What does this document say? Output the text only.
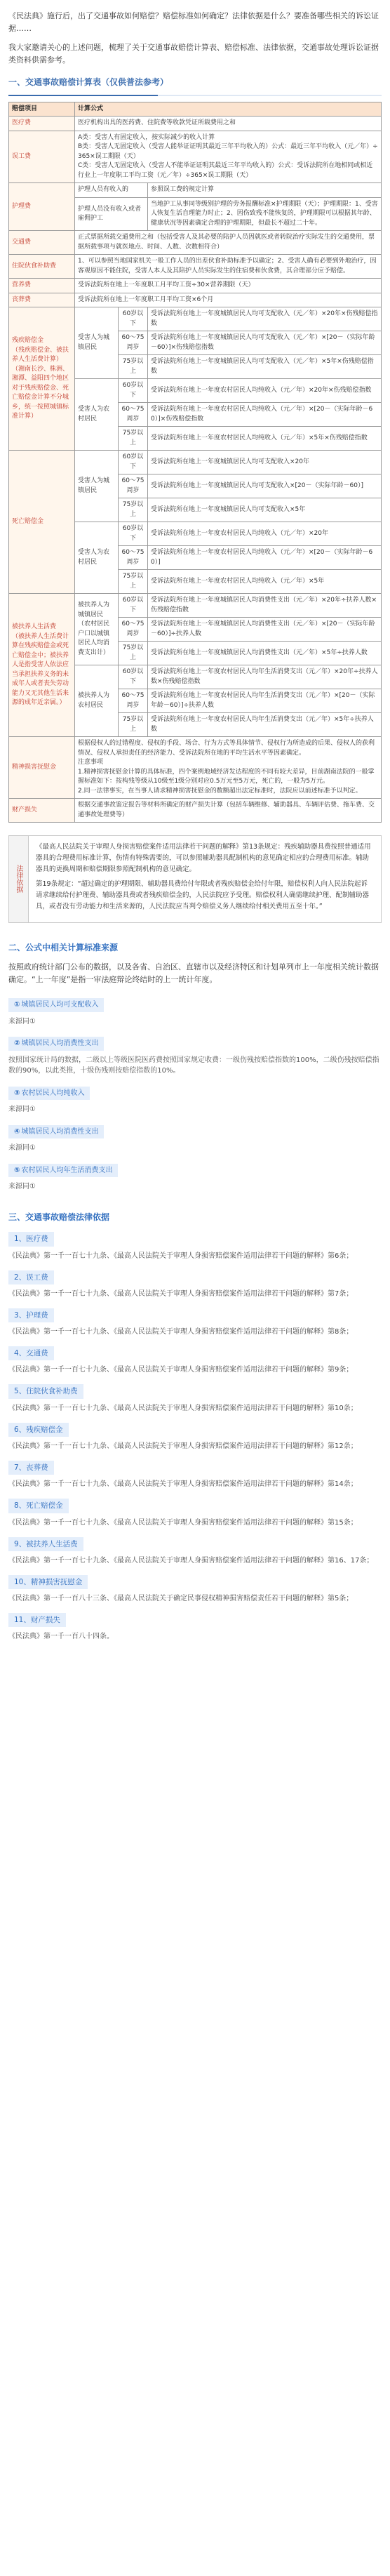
《民法典》施行后，出了交通事故如何赔偿？赔偿标准如何确定？法律依据是什么？要准备哪些相关的诉讼证据……

我大家邀请关心的上述问题，梳理了关于交通事故赔偿计算表、赔偿标准、法律依据，交通事故处理诉讼证据类资料供需参考。

一、交通事故赔偿计算表（仅供普法参考）
赔偿项目	计算公式		
医疗费	医疗机构出具的医药费、住院费等收款凭证所载费用之和		
误工费	A类：受害人有固定收入，按实际减少的收入计算
B类：受害人无固定收入（受害人能举证证明其最近三年平均收入的）公式：最近三年平均收入（元／年）÷365×误工期限（天）
C类：受害人无固定收入（受害人不能举证证明其最近三年平均收入的）公式：受诉法院所在地相同或相近行业上一年度职工平均工资（元／年）÷365×误工期限（天）		

护理费	护理人员有收入的		参照误工费的规定计算
	护理人员没有收入或者雇佣护工		当地护工从事同等级别护理的劳务报酬标准×护理期限（天）；护理期限：1、受害人恢复生活自理能力时止；2、因伤致残不能恢复的，护理期限可以根据其年龄、健康状况等因素确定合理的护理期限，但最长不超过二十年。
交通费	正式票据所载交通费用之和（包括受害人及其必要的陪护人员因就医或者转院治疗实际发生的交通费用，票据所载事项与就医地点、时间、人数、次数相符合）		
住院伙食补助费	1、可以参照当地国家机关一般工作人员的出差伙食补助标准予以确定；2、受害人确有必要到外地治疗，因客观原因不能住院，受害人本人及其陪护人员实际发生的住宿费和伙食费，其合理部分应予赔偿。		
营养费	受诉法院所在地上一年度职工月平均工资÷30×营养期限（天）		
丧葬费	受诉法院所在地上一年度职工月平均工资×6个月		

残疾赔偿金
（残疾赔偿金、被扶养人生活费计算）
（湘南长沙、株洲、湘潭、益阳四个地区对于残疾赔偿金、死亡赔偿金计算不分城乡，统一按照城镇标准计算）	受害人为城镇居民	60岁以下	受诉法院所在地上一年度城镇居民人均可支配收入（元／年）×20年×伤残赔偿指数
		60～75周岁	受诉法院所在地上一年度城镇居民人均可支配收入（元／年）×[20－（实际年龄－60）]×伤残赔偿指数
		75岁以上	受诉法院所在地上一年度城镇居民人均可支配收入（元／年）×5年×伤残赔偿指数
	受害人为农村居民	60岁以下	受诉法院所在地上一年度农村居民人均纯收入（元／年）×20年×伤残赔偿指数
		60～75周岁	受诉法院所在地上一年度农村居民人均纯收入（元／年）×[20－（实际年龄－60）]×伤残赔偿指数
		75岁以上	受诉法院所在地上一年度农村居民人均纯收入（元／年）×5年×伤残赔偿指数

死亡赔偿金	受害人为城镇居民	60岁以下	受诉法院所在地上一年度城镇居民人均可支配收入×20年
		60～75周岁	受诉法院所在地上一年度城镇居民人均可支配收入×[20－（实际年龄－60）]
		75岁以上	受诉法院所在地上一年度城镇居民人均可支配收入×5年
	受害人为农村居民	60岁以下	受诉法院所在地上一年度农村居民人均纯收入（元／年）×20年
		60～75周岁	受诉法院所在地上一年度农村居民人均纯收入（元／年）×[20－（实际年龄－60）]
		75岁以上	受诉法院所在地上一年度农村居民人均纯收入（元／年）×5年

被扶养人生活费
（被扶养人生活费计算在残疾赔偿金或死亡赔偿金中；被扶养人是指受害人依法应当承担扶养义务的未成年人或者丧失劳动能力又无其他生活来源的成年近亲属。）	被扶养人为城镇居民（农村居民户口以城镇居民人均消费支出计）	60岁以下	受诉法院所在地上一年度城镇居民人均消费性支出（元／年）×20年÷扶养人数×伤残赔偿指数
		60～75周岁	受诉法院所在地上一年度城镇居民人均消费性支出（元／年）×[20－（实际年龄－60）]÷扶养人数
		75岁以上	受诉法院所在地上一年度城镇居民人均消费性支出（元／年）×5年÷扶养人数
	被扶养人为农村居民	60岁以下	受诉法院所在地上一年度农村居民人均年生活消费支出（元／年）×20年÷扶养人数×伤残赔偿指数
		60～75周岁	受诉法院所在地上一年度农村居民人均年生活消费支出（元／年）×[20－（实际年龄－60）]÷扶养人数
		75岁以上	受诉法院所在地上一年度农村居民人均年生活消费支出（元／年）×5年÷扶养人数
精神损害抚慰金	根据侵权人的过错程度、侵权的手段、场合、行为方式等具体情节、侵权行为所造成的后果、侵权人的获利情况、侵权人承担责任的经济能力、受诉法院所在地的平均生活水平等因素确定。
注意事项
1.精神损害抚慰金计算的具体标准，四个案例地域经济发达程度的不同有较大差异，目前湖南法院的一般掌握标准如下：按构残等级从10级至1级分别对应0.5万元至5万元，死亡的，一般为5万元。
2.同一法律事实，在当事人请求精神损害抚慰金的数额超出法定标准时，法院应以前述标准予以判定。		

财产损失	根据交通事故鉴定报告等材料所确定的财产损失计算（包括车辆维修、辅助器具、车辆评估费、拖车费、交通事故处理费等）		
法律依据

《最高人民法院关于审理人身损害赔偿案件适用法律若干问题的解释》第13条规定：残疾辅助器具费按照普通适用器具的合理费用标准计算，伤情有特殊需要的，可以参照辅助器具配制机构的意见确定相应的合理费用标准。辅助器具的更换周期和赔偿期限参照配制机构的意见确定。

第19条规定：“超过确定的护理期限、辅助器具费给付年限或者残疾赔偿金给付年限，赔偿权利人向人民法院起诉请求继续给付护理费、辅助器具费或者残疾赔偿金的，人民法院应予受理。赔偿权利人确需继续护理、配制辅助器具，或者没有劳动能力和生活来源的，人民法院应当判令赔偿义务人继续给付相关费用五至十年。”

二、公式中相关计算标准来源
按照政府统计部门公布的数据，以及各省、自治区、直辖市以及经济特区和计划单列市上一年度相关统计数据确定。“上一年度”是指一审法庭辩论终结时的上一统计年度。
① 城镇居民人均可支配收入
来源同①
② 城镇居民人均消费性支出
按照国家统计局的数据，二级以上等级医院医药费按照国家规定收费：一级伤残按赔偿指数的100%，二级伤残按赔偿指数的90%，以此类推，十级伤残则按赔偿指数的10%。
③ 农村居民人均纯收入
来源同①
④ 城镇居民人均消费性支出
来源同①
⑤ 农村居民人均年生活消费支出
来源同①
三、交通事故赔偿法律依据
1、医疗费
《民法典》第一千一百七十九条、《最高人民法院关于审理人身损害赔偿案件适用法律若干问题的解释》第6条；
2、误工费
《民法典》第一千一百七十九条、《最高人民法院关于审理人身损害赔偿案件适用法律若干问题的解释》第7条；
3、护理费
《民法典》第一千一百七十九条、《最高人民法院关于审理人身损害赔偿案件适用法律若干问题的解释》第8条；
4、交通费
《民法典》第一千一百七十九条、《最高人民法院关于审理人身损害赔偿案件适用法律若干问题的解释》第9条；
5、住院伙食补助费
《民法典》第一千一百七十九条、《最高人民法院关于审理人身损害赔偿案件适用法律若干问题的解释》第10条；
6、残疾赔偿金
《民法典》第一千一百七十九条、《最高人民法院关于审理人身损害赔偿案件适用法律若干问题的解释》第12条；
7、丧葬费
《民法典》第一千一百七十九条、《最高人民法院关于审理人身损害赔偿案件适用法律若干问题的解释》第14条；
8、死亡赔偿金
《民法典》第一千一百七十九条、《最高人民法院关于审理人身损害赔偿案件适用法律若干问题的解释》第15条；
9、被扶养人生活费
《民法典》第一千一百七十九条、《最高人民法院关于审理人身损害赔偿案件适用法律若干问题的解释》第16、17条；
10、精神损害抚慰金
《民法典》第一千一百八十三条、《最高人民法院关于确定民事侵权精神损害赔偿责任若干问题的解释》第5条；
11、财产损失
《民法典》第一千一百八十四条。
